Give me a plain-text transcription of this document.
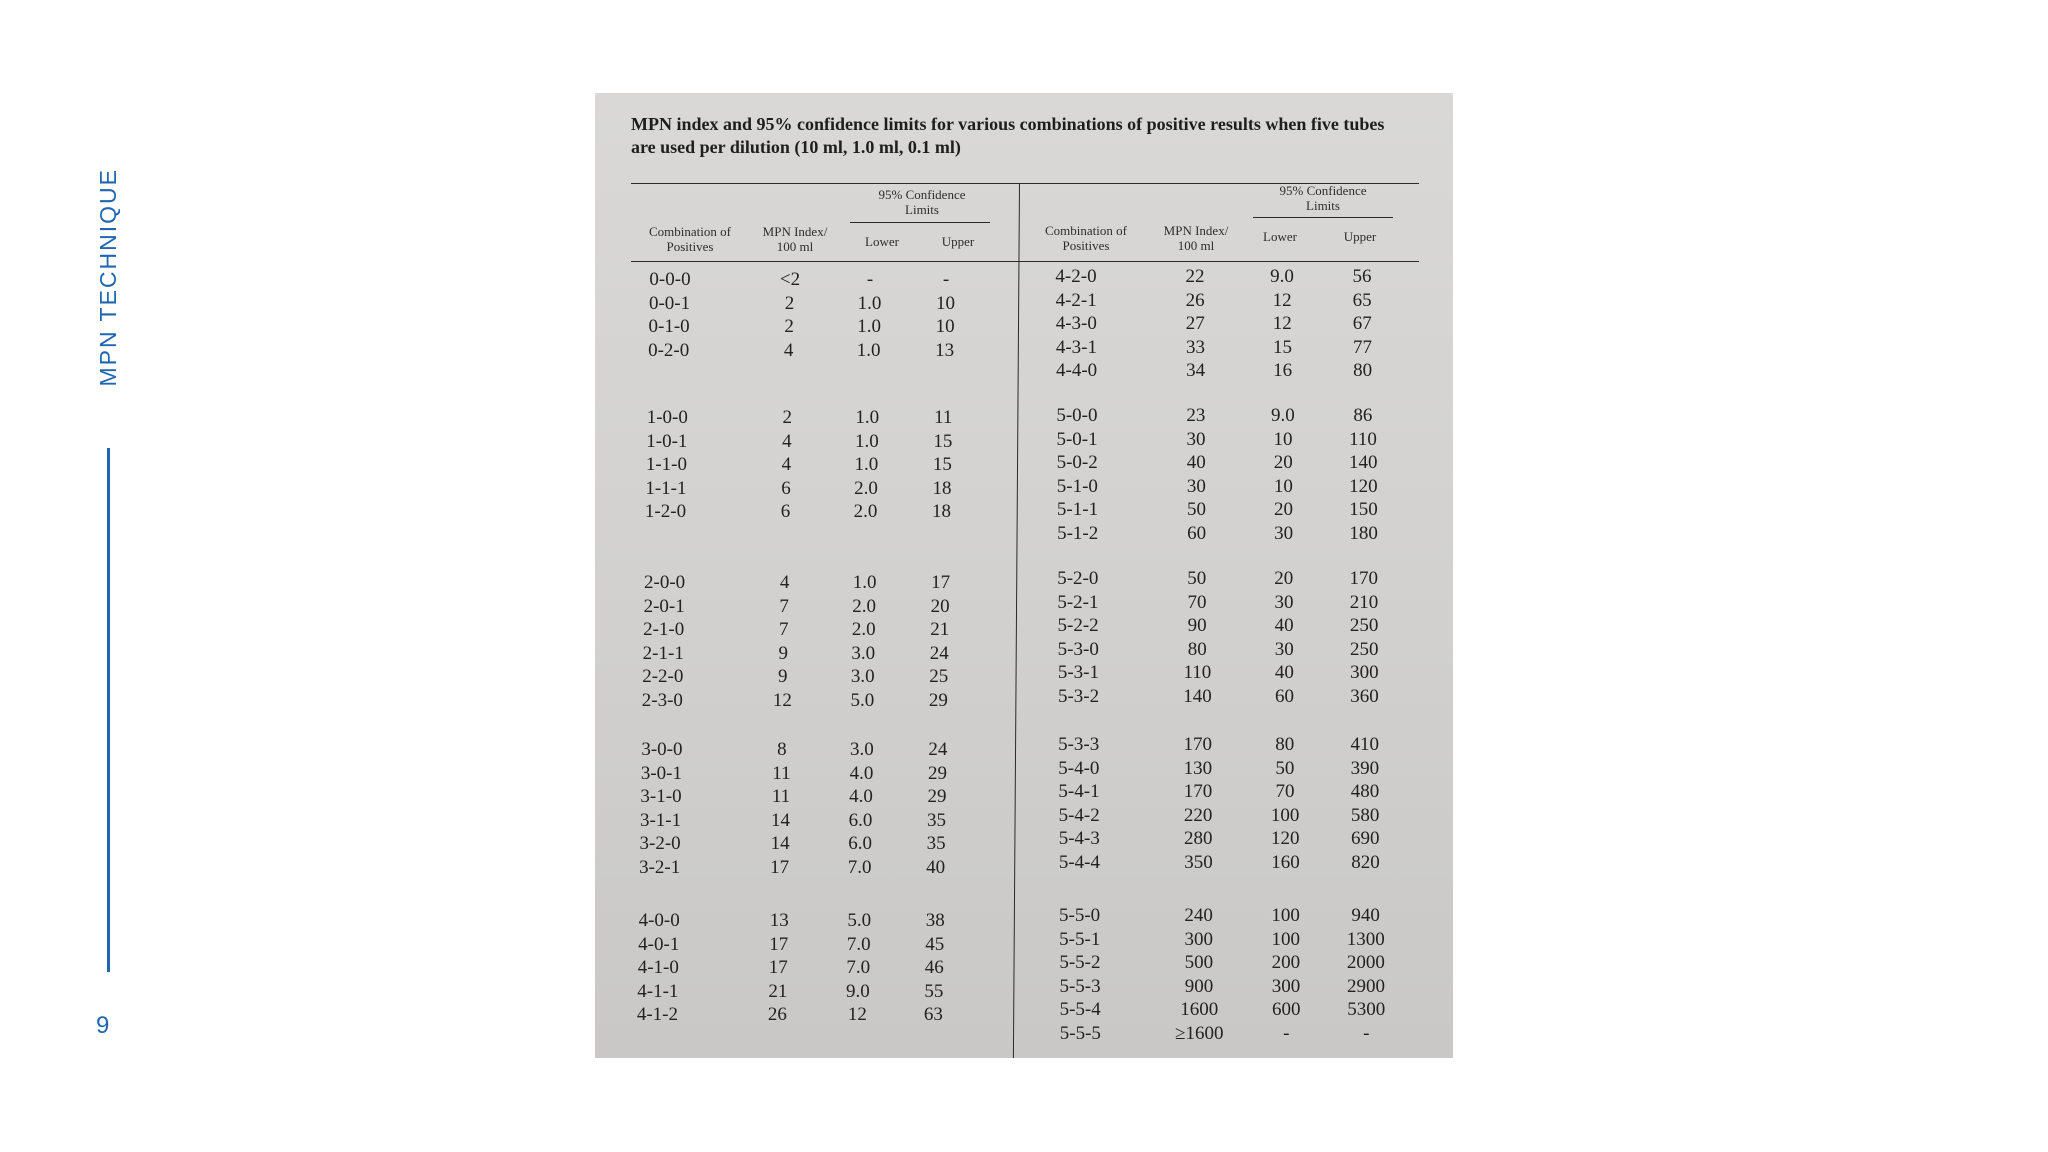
MPN TECHNIQUE
9
MPN index and 95% confidence limits for various combinations of positive results when five tubes are used per dilution (10 ml, 1.0 ml, 0.1 ml)
Combination of Positives
MPN Index/ 100 ml
95% Confidence Limits
Lower	Upper
Combination of Positives
MPN Index/ 100 ml
95% Confidence Limits
Lower	Upper
0-0-0	<2	-	-
0-0-1	2	1.0	10
0-1-0	2	1.0	10
0-2-0	4	1.0	13
1-0-0	2	1.0	11
1-0-1	4	1.0	15
1-1-0	4	1.0	15
1-1-1	6	2.0	18
1-2-0	6	2.0	18
2-0-0	4	1.0	17
2-0-1	7	2.0	20
2-1-0	7	2.0	21
2-1-1	9	3.0	24
2-2-0	9	3.0	25
2-3-0	12	5.0	29
3-0-0	8	3.0	24
3-0-1	11	4.0	29
3-1-0	11	4.0	29
3-1-1	14	6.0	35
3-2-0	14	6.0	35
3-2-1	17	7.0	40
4-0-0	13	5.0	38
4-0-1	17	7.0	45
4-1-0	17	7.0	46
4-1-1	21	9.0	55
4-1-2	26	12	63
4-2-0	22	9.0	56
4-2-1	26	12	65
4-3-0	27	12	67
4-3-1	33	15	77
4-4-0	34	16	80
5-0-0	23	9.0	86
5-0-1	30	10	110
5-0-2	40	20	140
5-1-0	30	10	120
5-1-1	50	20	150
5-1-2	60	30	180
5-2-0	50	20	170
5-2-1	70	30	210
5-2-2	90	40	250
5-3-0	80	30	250
5-3-1	110	40	300
5-3-2	140	60	360
5-3-3	170	80	410
5-4-0	130	50	390
5-4-1	170	70	480
5-4-2	220	100	580
5-4-3	280	120	690
5-4-4	350	160	820
5-5-0	240	100	940
5-5-1	300	100	1300
5-5-2	500	200	2000
5-5-3	900	300	2900
5-5-4	1600	600	5300
5-5-5	≥1600	-	-
